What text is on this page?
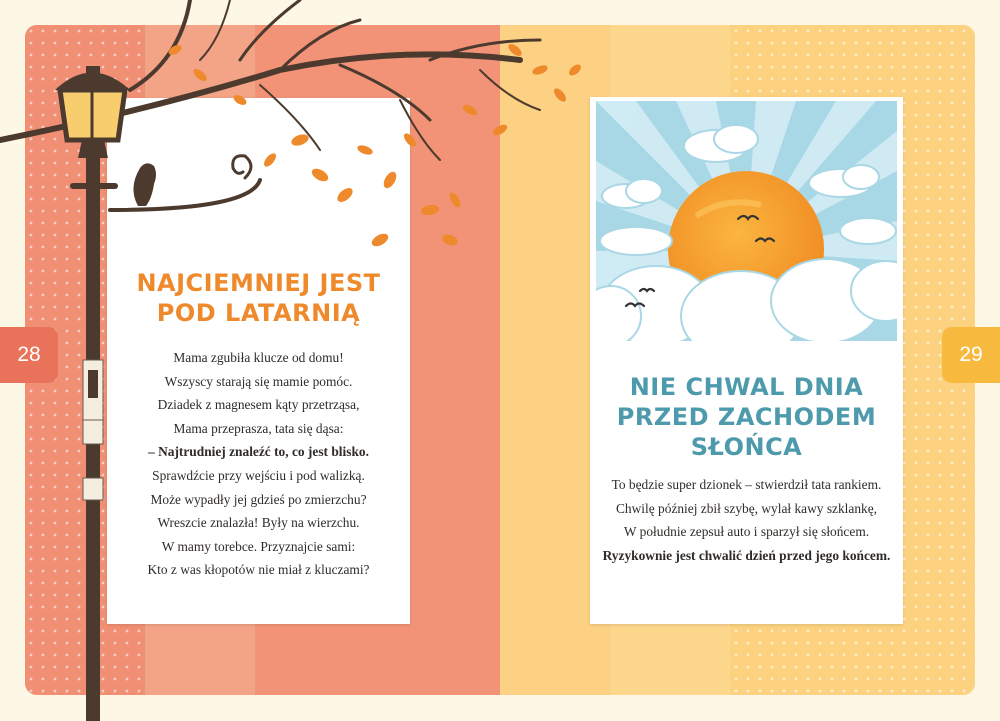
NAJCIEMNIEJ JEST
POD LATARNIĄ
Mama zgubiła klucze od domu!
Wszyscy starają się mamie pomóc.
Dziadek z magnesem kąty przetrząsa,
Mama przeprasza, tata się dąsa:
– Najtrudniej znaleźć to, co jest blisko.
Sprawdźcie przy wejściu i pod walizką.
Może wypadły jej gdzieś po zmierzchu?
Wreszcie znalazła! Były na wierzchu.
W mamy torebce. Przyznajcie sami:
Kto z was kłopotów nie miał z kluczami?
NIE CHWAL DNIA
PRZED ZACHODEM
SŁOŃCA
To będzie super dzionek – stwierdził tata rankiem.
Chwilę później zbił szybę, wylał kawy szklankę,
W południe zepsuł auto i sparzył się słońcem.
Ryzykownie jest chwalić dzień przed jego końcem.
28	29
